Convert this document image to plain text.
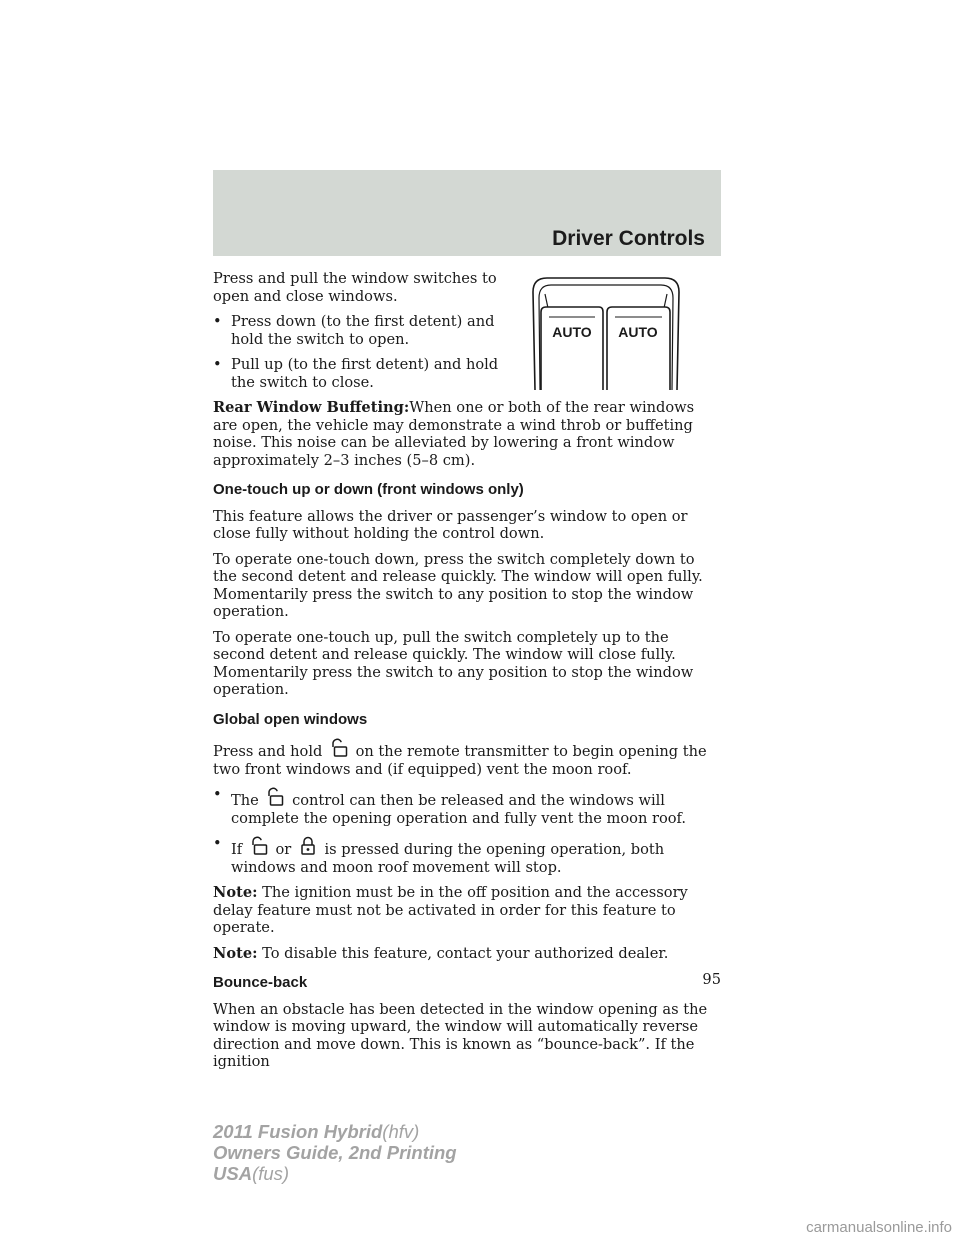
Driver Controls
AUTO AUTO

Press and pull the window switches to open and close windows.

• Press down (to the first detent) and hold the switch to open.
• Pull up (to the first detent) and hold the switch to close.

Rear Window Buffeting:When one or both of the rear windows are open, the vehicle may demonstrate a wind throb or buffeting noise. This noise can be alleviated by lowering a front window approximately 2–3 inches (5–8 cm).

One-touch up or down (front windows only)

This feature allows the driver or passenger’s window to open or close fully without holding the control down.

To operate one-touch down, press the switch completely down to the second detent and release quickly. The window will open fully. Momentarily press the switch to any position to stop the window operation.

To operate one-touch up, pull the switch completely up to the second detent and release quickly. The window will close fully. Momentarily press the switch to any position to stop the window operation.

Global open windows

Press and hold on the remote transmitter to begin opening the two front windows and (if equipped) vent the moon roof.

• The control can then be released and the windows will complete the opening operation and fully vent the moon roof.
• If or is pressed during the opening operation, both windows and moon roof movement will stop.

Note: The ignition must be in the off position and the accessory delay feature must not be activated in order for this feature to operate.

Note: To disable this feature, contact your authorized dealer.

Bounce-back

When an obstacle has been detected in the window opening as the window is moving upward, the window will automatically reverse direction and move down. This is known as “bounce-back”. If the ignition

95
2011 Fusion Hybrid(hfv)
Owners Guide, 2nd Printing
USA(fus)
carmanualsonline.info
